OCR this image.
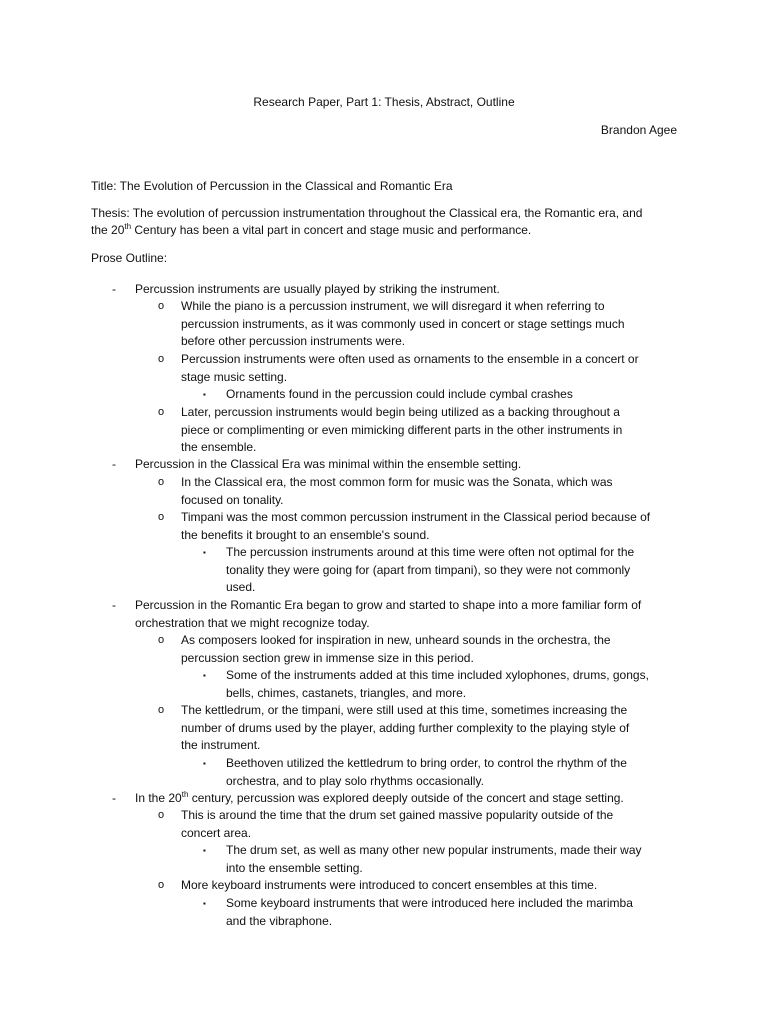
Research Paper, Part 1: Thesis, Abstract, Outline
Brandon Agee
Title: The Evolution of Percussion in the Classical and Romantic Era
Thesis: The evolution of percussion instrumentation throughout the Classical era, the Romantic era, and
the 20th Century has been a vital part in concert and stage music and performance.
Prose Outline:
- Percussion instruments are usually played by striking the instrument.
o While the piano is a percussion instrument, we will disregard it when referring to
percussion instruments, as it was commonly used in concert or stage settings much
before other percussion instruments were.
o Percussion instruments were often used as ornaments to the ensemble in a concert or
stage music setting.
▪ Ornaments found in the percussion could include cymbal crashes
o Later, percussion instruments would begin being utilized as a backing throughout a
piece or complimenting or even mimicking different parts in the other instruments in
the ensemble.
- Percussion in the Classical Era was minimal within the ensemble setting.
o In the Classical era, the most common form for music was the Sonata, which was
focused on tonality.
o Timpani was the most common percussion instrument in the Classical period because of
the benefits it brought to an ensemble's sound.
▪ The percussion instruments around at this time were often not optimal for the
tonality they were going for (apart from timpani), so they were not commonly
used.
- Percussion in the Romantic Era began to grow and started to shape into a more familiar form of
orchestration that we might recognize today.
o As composers looked for inspiration in new, unheard sounds in the orchestra, the
percussion section grew in immense size in this period.
▪ Some of the instruments added at this time included xylophones, drums, gongs,
bells, chimes, castanets, triangles, and more.
o The kettledrum, or the timpani, were still used at this time, sometimes increasing the
number of drums used by the player, adding further complexity to the playing style of
the instrument.
▪ Beethoven utilized the kettledrum to bring order, to control the rhythm of the
orchestra, and to play solo rhythms occasionally.
- In the 20th century, percussion was explored deeply outside of the concert and stage setting.
o This is around the time that the drum set gained massive popularity outside of the
concert area.
▪ The drum set, as well as many other new popular instruments, made their way
into the ensemble setting.
o More keyboard instruments were introduced to concert ensembles at this time.
▪ Some keyboard instruments that were introduced here included the marimba
and the vibraphone.
